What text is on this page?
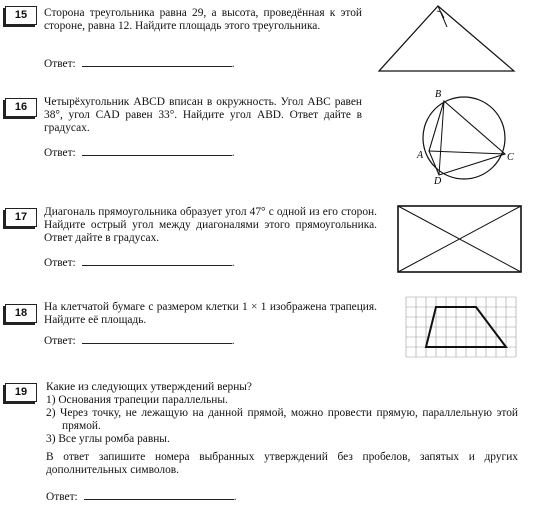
15	Сторона треугольника равна 29, а высота, проведённая к этой стороне, равна 12. Найдите площадь этого треугольника.
Ответ:	.
16	Четырёхугольник ABCD вписан в окружность. Угол ABC равен 38°, угол CAD равен 33°. Найдите угол ABD. Ответ дайте в градусах.
Ответ:	.
B
A	C
D
17	Диагональ прямоугольника образует угол 47° с одной из его сторон. Найдите острый угол между диагоналями этого прямоугольника. Ответ дайте в градусах.
Ответ:	.
18	На клетчатой бумаге с размером клетки 1 × 1 изображена трапеция. Найдите её площадь.
Ответ:	.
19	Какие из следующих утверждений верны?

1) Основания трапеции параллельны.

2) Через точку, не лежащую на данной прямой, можно провести прямую, параллельную этой прямой.

3) Все углы ромба равны.

В ответ запишите номера выбранных утверждений без пробелов, запятых и других дополнительных символов.
Ответ:	.
